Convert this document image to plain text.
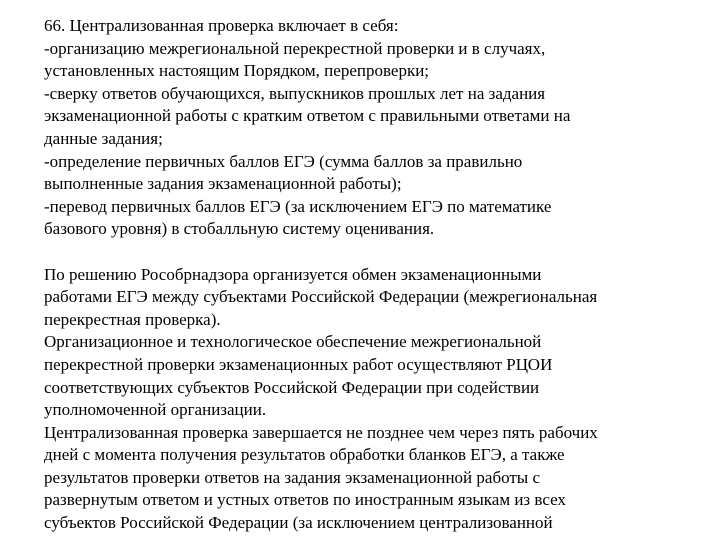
66. Централизованная проверка включает в себя:
-организацию межрегиональной перекрестной проверки и в случаях,
установленных настоящим Порядком, перепроверки;
-сверку ответов обучающихся, выпускников прошлых лет на задания
экзаменационной работы с кратким ответом с правильными ответами на
данные задания;
-определение первичных баллов ЕГЭ (сумма баллов за правильно
выполненные задания экзаменационной работы);
-перевод первичных баллов ЕГЭ (за исключением ЕГЭ по математике
базового уровня) в стобалльную систему оценивания.
По решению Рособрнадзора организуется обмен экзаменационными
работами ЕГЭ между субъектами Российской Федерации (межрегиональная
перекрестная проверка).
Организационное и технологическое обеспечение межрегиональной
перекрестной проверки экзаменационных работ осуществляют РЦОИ
соответствующих субъектов Российской Федерации при содействии
уполномоченной организации.
Централизованная проверка завершается не позднее чем через пять рабочих
дней с момента получения результатов обработки бланков ЕГЭ, а также
результатов проверки ответов на задания экзаменационной работы с
развернутым ответом и устных ответов по иностранным языкам из всех
субъектов Российской Федерации (за исключением централизованной
